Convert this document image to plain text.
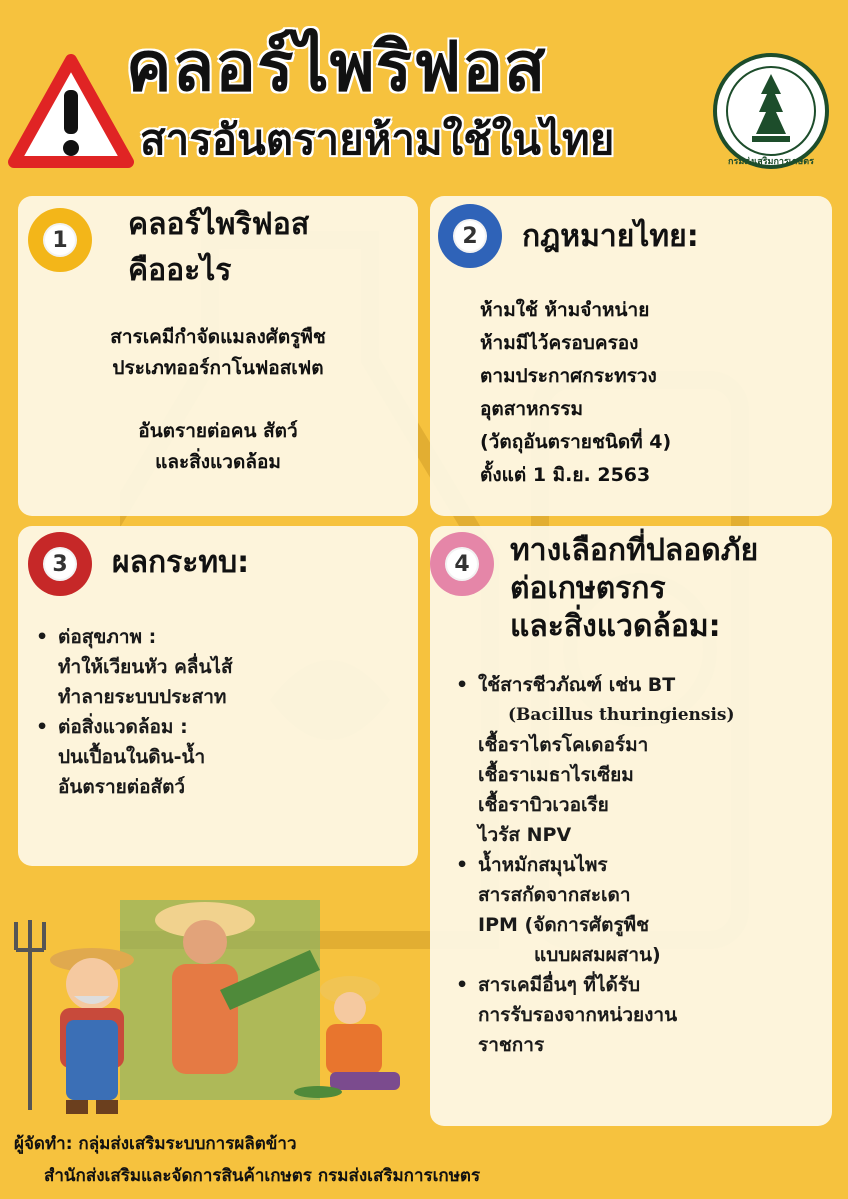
คลอร์ไพริฟอส
สารอันตรายห้ามใช้ในไทย	กรมส่งเสริมการเกษตร
1	คลอร์ไพริฟอส
คืออะไร
สารเคมีกำจัดแมลงศัตรูพืช
ประเภทออร์กาโนฟอสเฟต
อันตรายต่อคน สัตว์
และสิ่งแวดล้อม
2	กฎหมายไทย:
ห้ามใช้ ห้ามจำหน่าย
ห้ามมีไว้ครอบครอง
ตามประกาศกระทรวง
อุตสาหกรรม
(วัตถุอันตรายชนิดที่ 4)
ตั้งแต่ 1 มิ.ย. 2563
3	ผลกระทบ:
• ต่อสุขภาพ :
ทำให้เวียนหัว คลื่นไส้
ทำลายระบบประสาท
• ต่อสิ่งแวดล้อม :
ปนเปื้อนในดิน-น้ำ
อันตรายต่อสัตว์
4	ทางเลือกที่ปลอดภัย
ต่อเกษตรกร
และสิ่งแวดล้อม:
• ใช้สารชีวภัณฑ์ เช่น BT
(Bacillus thuringiensis)
เชื้อราไตรโคเดอร์มา
เชื้อราเมธาไรเซียม
เชื้อราบิวเวอเรีย
ไวรัส NPV
• น้ำหมักสมุนไพร
สารสกัดจากสะเดา
IPM (จัดการศัตรูพืช
แบบผสมผสาน)
• สารเคมีอื่นๆ ที่ได้รับ
การรับรองจากหน่วยงาน
ราชการ
ผู้จัดทำ: กลุ่มส่งเสริมระบบการผลิตข้าว
สำนักส่งเสริมและจัดการสินค้าเกษตร กรมส่งเสริมการเกษตร
